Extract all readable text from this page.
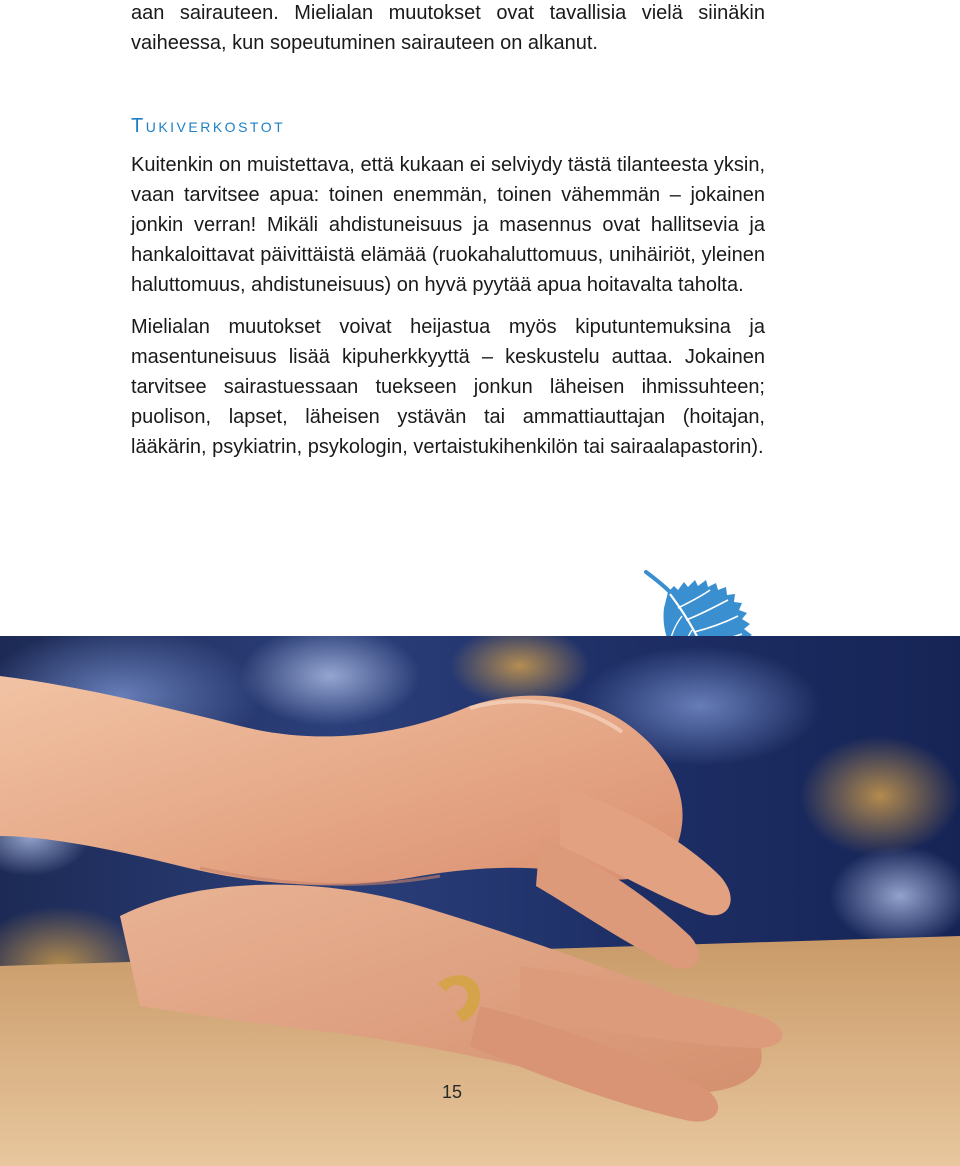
aan sairauteen. Mielialan muutokset ovat tavallisia vielä siinäkin vaiheessa, kun sopeutuminen sairauteen on alkanut.

Tukiverkostot

Kuitenkin on muistettava, että kukaan ei selviydy tästä tilanteesta yksin, vaan tarvitsee apua: toinen enemmän, toinen vähemmän – jokainen jonkin verran! Mikäli ahdistuneisuus ja masennus ovat hallitsevia ja hankaloittavat päivittäistä elämää (ruokahaluttomuus, unihäiriöt, yleinen haluttomuus, ahdistuneisuus) on hyvä pyytää apua hoitavalta taholta.

Mielialan muutokset voivat heijastua myös kiputuntemuksina ja masentuneisuus lisää kipuherkkyyttä – keskustelu auttaa. Jokainen tarvitsee sairastuessaan tuekseen jonkun läheisen ihmissuhteen; puolison, lapset, läheisen ystävän tai ammattiauttajan (hoitajan, lääkärin, psykiatrin, psykologin, vertaistukihenkilön tai sairaalapastorin).

15
